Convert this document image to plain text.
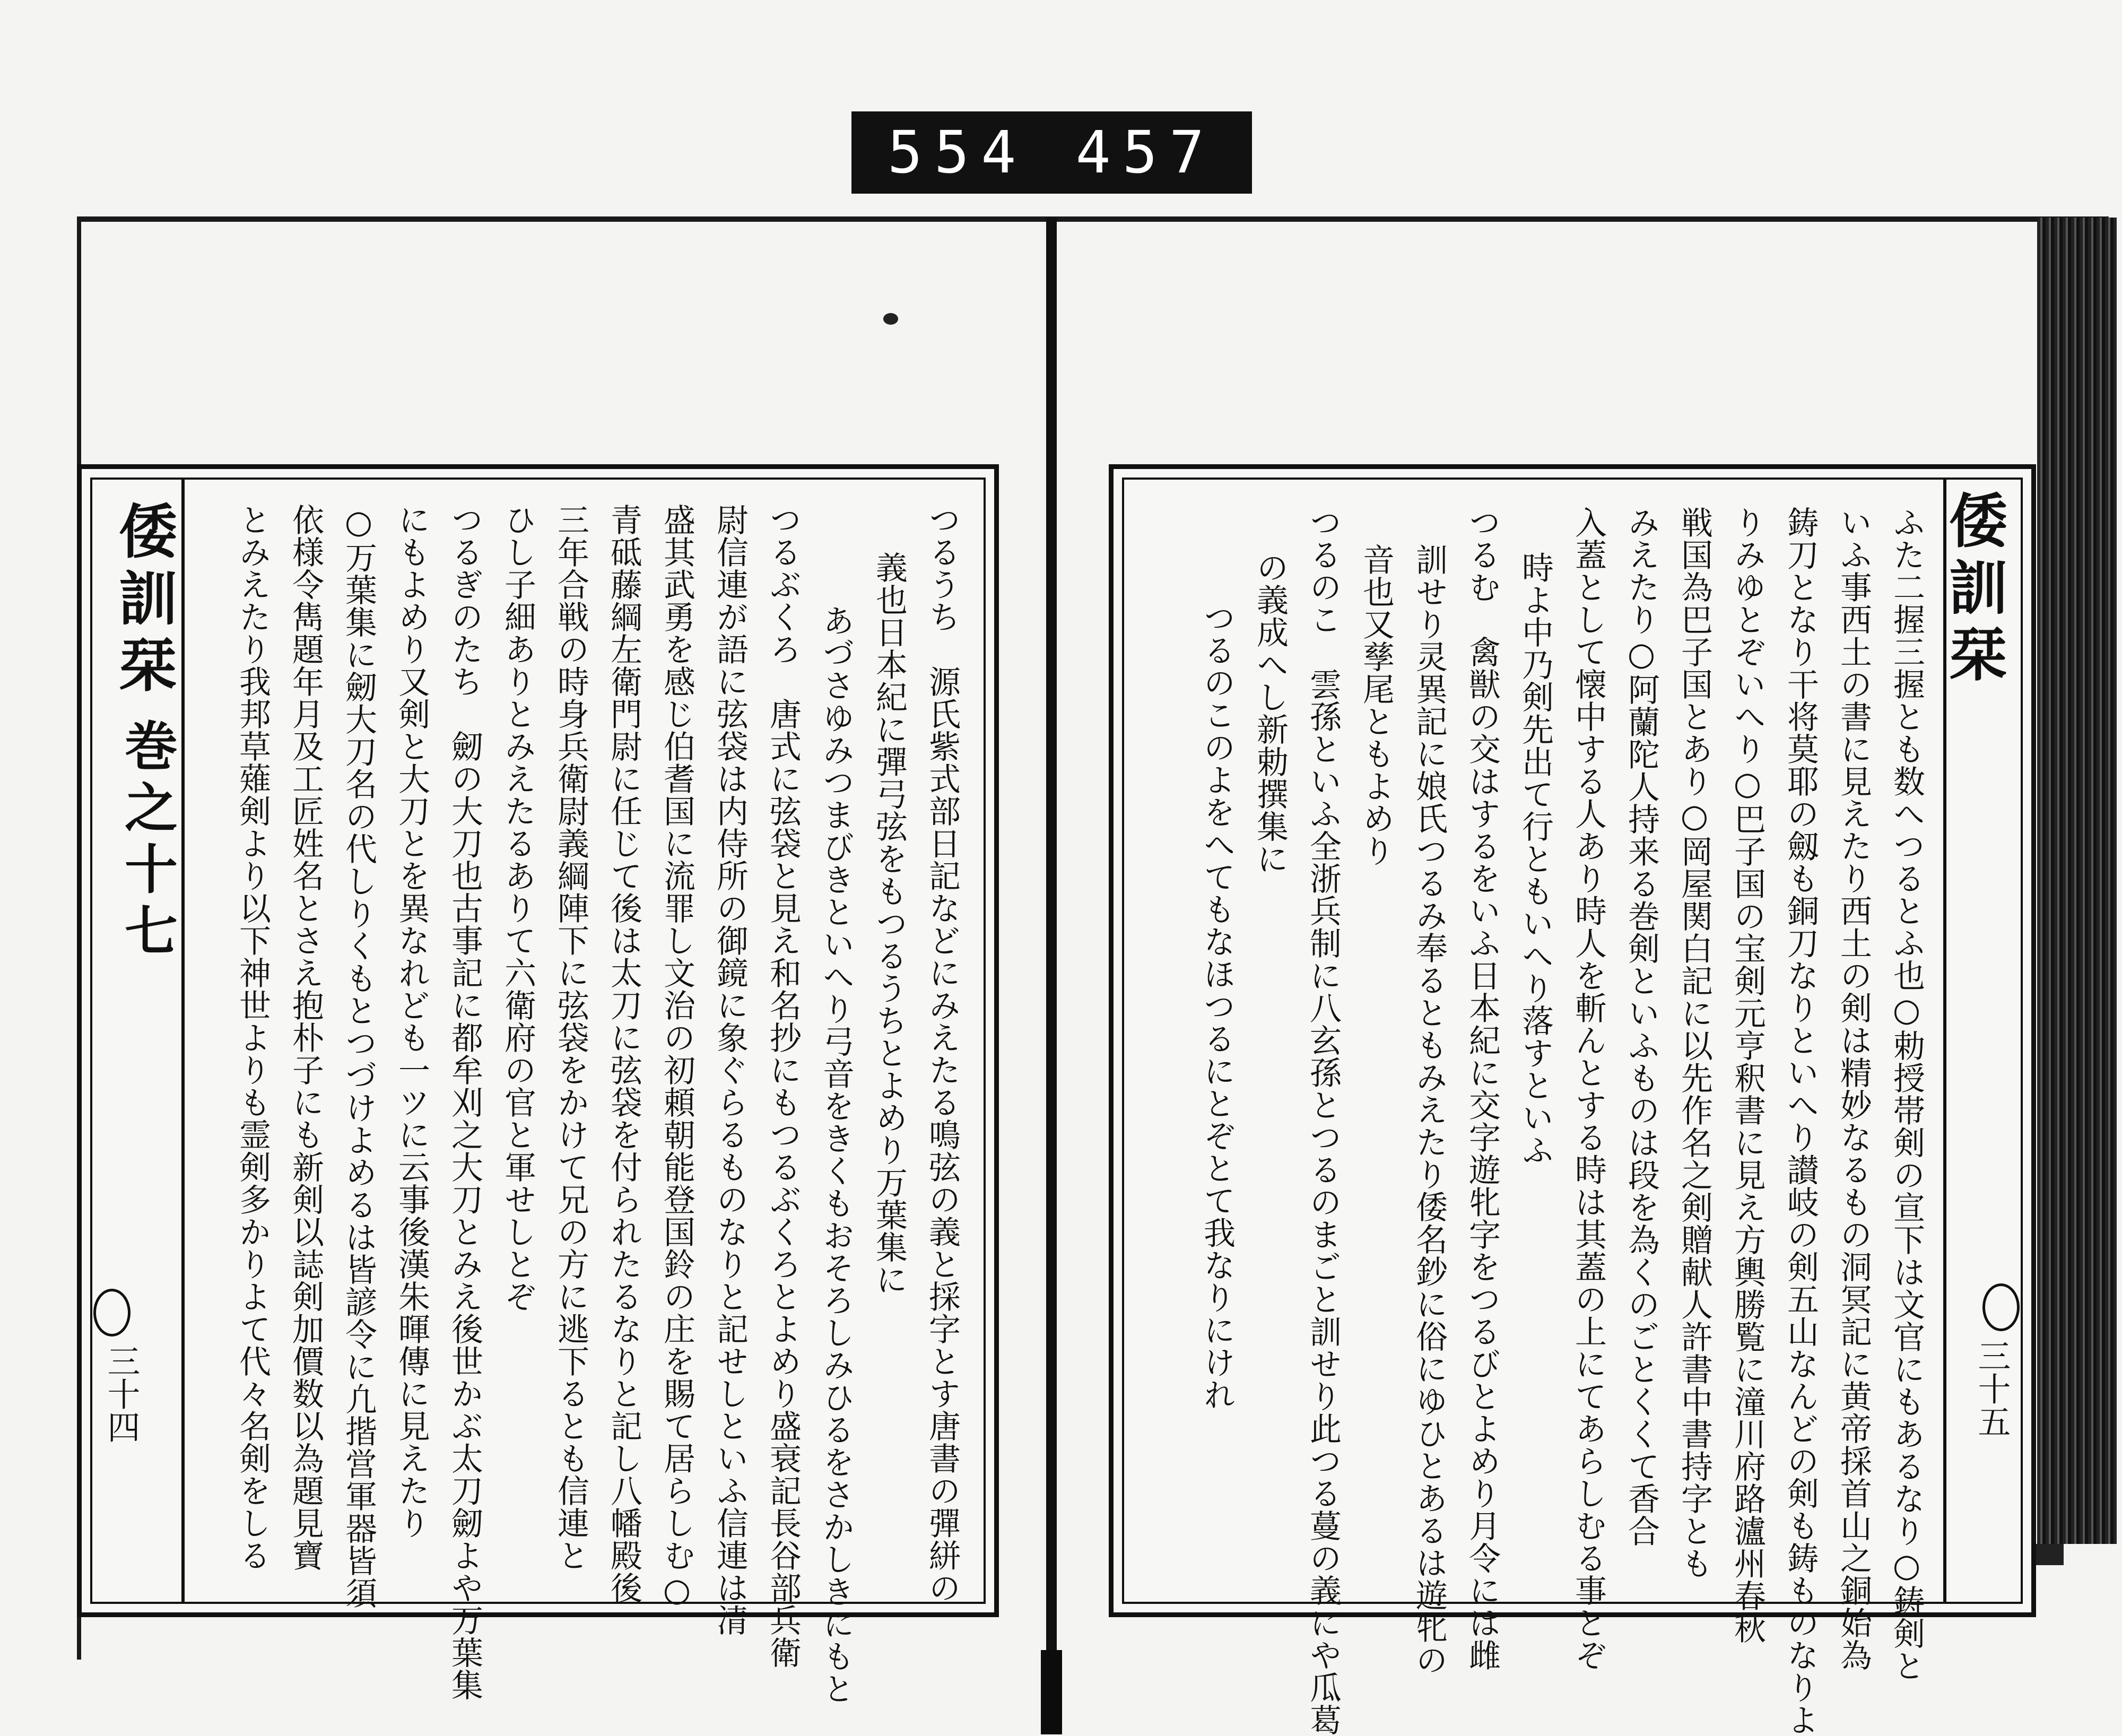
554 457
倭訓栞
巻之十七
三十四	つるうち　源氏紫式部日記などにみえたる鳴弦の義と採字とす唐書の彈絣の
義也日本紀に彈弓弦をもつるうちとよめり万葉集に
あづさゆみつまびきといへり弓音をきくもおそろしみひるをさかしきにもと
つるぶくろ　唐式に弦袋と見え和名抄にもつるぶくろとよめり盛衰記長谷部兵衛
尉信連が語に弦袋は内侍所の御鏡に象ぐらるものなりと記せしといふ信連は清
盛其武勇を感じ伯耆国に流罪し文治の初頼朝能登国鈴の庄を賜て居らしむ○
青砥藤綱左衛門尉に任じて後は太刀に弦袋を付られたるなりと記し八幡殿後
三年合戦の時身兵衛尉義綱陣下に弦袋をかけて兄の方に逃下るとも信連と
ひし子細ありとみえたるありて六衛府の官と軍せしとぞ
つるぎのたち　劒の大刀也古事記に都牟刈之大刀とみえ後世かぶ太刀劒よや万葉集
にもよめり又剣と大刀とを異なれども一ツに云事後漢朱暉傳に見えたり
○万葉集に劒大刀名の代しりくもとつづけよめるは皆諺令に凢揩営軍器皆須
依様令雋題年月及工匠姓名とさえ抱朴子にも新剣以誌剣加價数以為題見寶
とみえたり我邦草薙剣より以下神世よりも霊剣多かりよて代々名剣をしる	倭訓栞
三十五
ふた二握三握とも数へつるとふ也○勅授帯剣の宣下は文官にもあるなり○鋳剣と
いふ事西土の書に見えたり西土の剣は精妙なるもの洞冥記に黄帝採首山之銅始為
鋳刀となり干将莫耶の劔も銅刀なりといへり讃岐の剣五山なんどの剣も鋳ものなりよ
りみゆとぞいへり○巴子国の宝剣元亨釈書に見え方輿勝覧に潼川府路瀘州春秋
戦国為巴子国とあり○岡屋関白記に以先作名之剣贈献人許書中書持字とも
みえたり○阿蘭陀人持来る巻剣といふものは段を為くのごとくくて香合
入蓋として懐中する人あり時人を斬んとする時は其蓋の上にてあらしむる事とぞ
時よ中乃剣先出て行ともいへり落すといふ
つるむ　禽獣の交はするをいふ日本紀に交字遊牝字をつるびとよめり月令には雌
訓せり灵異記に娘氏つるみ奉るともみえたり倭名鈔に俗にゆひとあるは遊牝の
音也又孳尾ともよめり
つるのこ　雲孫といふ全浙兵制に八玄孫とつるのまごと訓せり此つる蔓の義にや瓜葛
の義成へし新勅撰集に
つるのこのよをへてもなほつるにとぞとて我なりにけれ
